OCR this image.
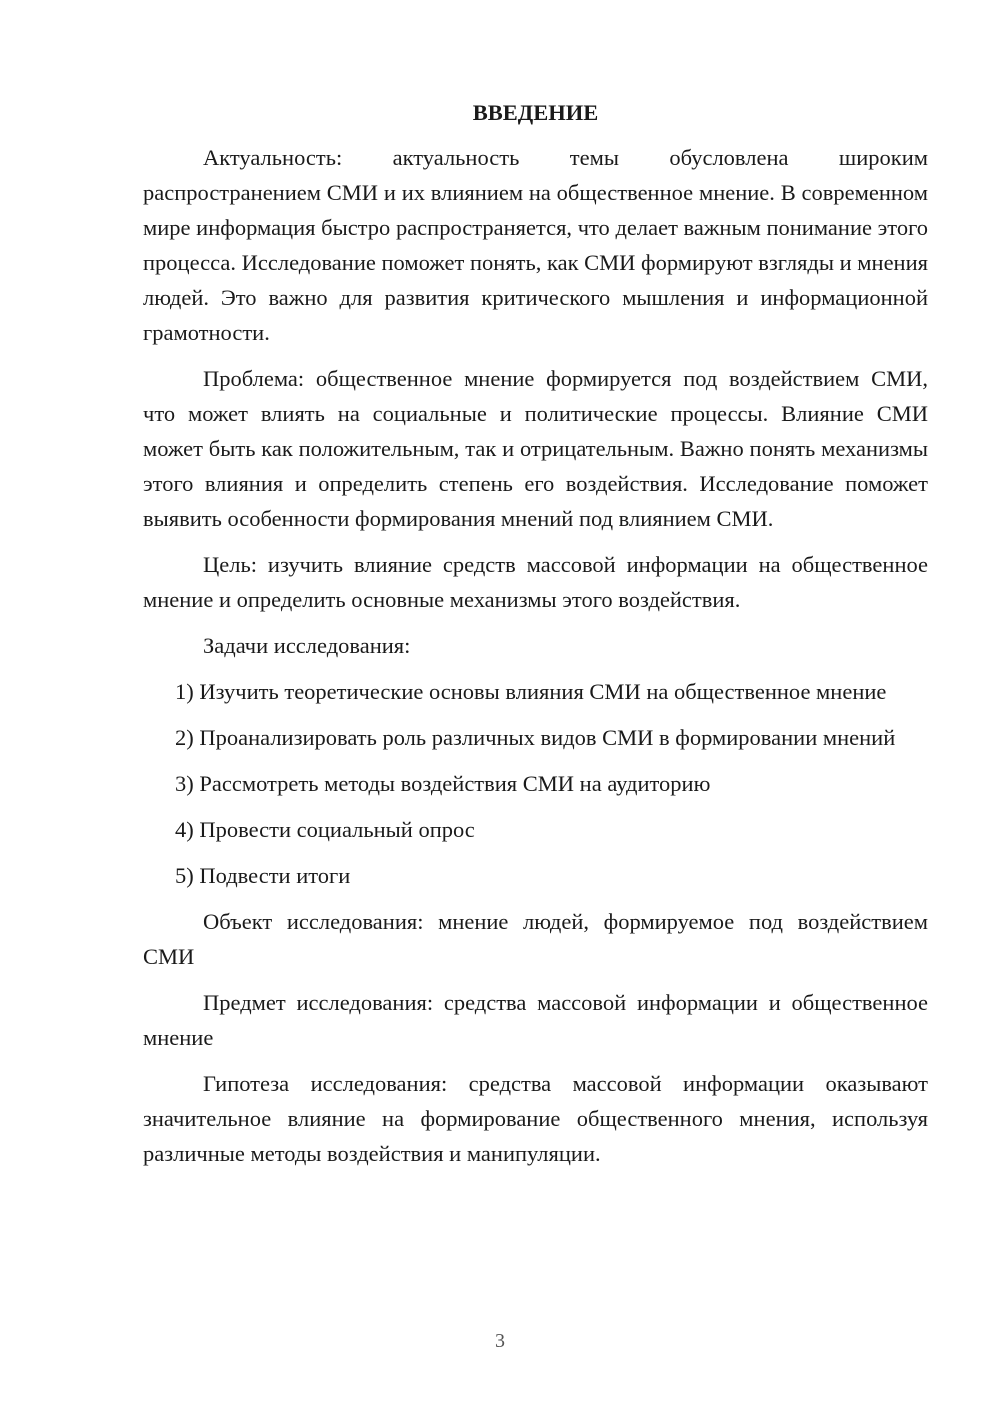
ВВЕДЕНИЕ

Актуальность: актуальность темы обусловлена широким распространением СМИ и их влиянием на общественное мнение. В современном мире информация быстро распространяется, что делает важным понимание этого процесса. Исследование поможет понять, как СМИ формируют взгляды и мнения людей. Это важно для развития критического мышления и информационной грамотности.

Проблема: общественное мнение формируется под воздействием СМИ, что может влиять на социальные и политические процессы. Влияние СМИ может быть как положительным, так и отрицательным. Важно понять механизмы этого влияния и определить степень его воздействия. Исследование поможет выявить особенности формирования мнений под влиянием СМИ.

Цель: изучить влияние средств массовой информации на общественное мнение и определить основные механизмы этого воздействия.

Задачи исследования:

1) Изучить теоретические основы влияния СМИ на общественное мнение

2) Проанализировать роль различных видов СМИ в формировании мнений

3) Рассмотреть методы воздействия СМИ на аудиторию

4) Провести социальный опрос

5) Подвести итоги

Объект исследования: мнение людей, формируемое под воздействием СМИ

Предмет исследования: средства массовой информации и общественное мнение

Гипотеза исследования: средства массовой информации оказывают значительное влияние на формирование общественного мнения, используя различные методы воздействия и манипуляции.

3
